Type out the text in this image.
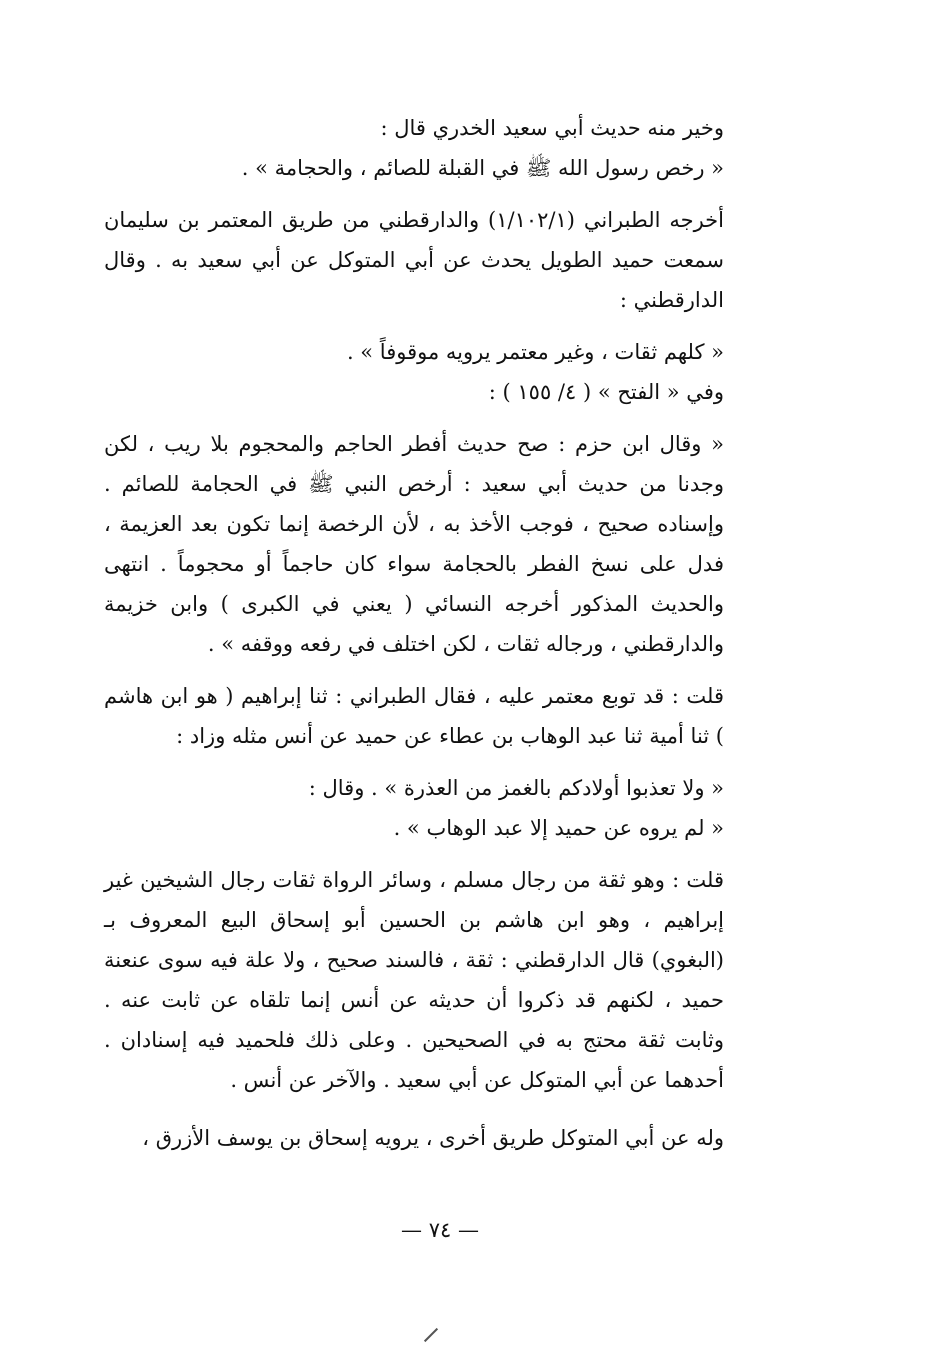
وخير منه حديث أبي سعيد الخدري قال :

« رخص رسول الله ﷺ في القبلة للصائم ، والحجامة » .

أخرجه الطبراني (١/١٠٢/١) والدارقطني من طريق المعتمر بن سليمان سمعت حميد الطويل يحدث عن أبي المتوكل عن أبي سعيد به . وقال الدارقطني :

« كلهم ثقات ، وغير معتمر يرويه موقوفاً » .

وفي « الفتح » ( ٤/ ١٥٥ ) :

« وقال ابن حزم : صح حديث أفطر الحاجم والمحجوم بلا ريب ، لكن وجدنا من حديث أبي سعيد : أرخص النبي ﷺ في الحجامة للصائم . وإسناده صحيح ، فوجب الأخذ به ، لأن الرخصة إنما تكون بعد العزيمة ، فدل على نسخ الفطر بالحجامة سواء كان حاجماً أو محجوماً . انتهى والحديث المذكور أخرجه النسائي ( يعني في الكبرى ) وابن خزيمة والدارقطني ، ورجاله ثقات ، لكن اختلف في رفعه ووقفه » .

قلت : قد توبع معتمر عليه ، فقال الطبراني : ثنا إبراهيم ( هو ابن هاشم ) ثنا أمية ثنا عبد الوهاب بن عطاء عن حميد عن أنس مثله وزاد :

« ولا تعذبوا أولادكم بالغمز من العذرة » . وقال :

« لم يروه عن حميد إلا عبد الوهاب » .

قلت : وهو ثقة من رجال مسلم ، وسائر الرواة ثقات رجال الشيخين غير إبراهيم ، وهو ابن هاشم بن الحسين أبو إسحاق البيع المعروف بـ (البغوي) قال الدارقطني : ثقة ، فالسند صحيح ، ولا علة فيه سوى عنعنة حميد ، لكنهم قد ذكروا أن حديثه عن أنس إنما تلقاه عن ثابت عنه . وثابت ثقة محتج به في الصحيحين . وعلى ذلك فلحميد فيه إسنادان . أحدهما عن أبي المتوكل عن أبي سعيد . والآخر عن أنس .

وله عن أبي المتوكل طريق أخرى ، يرويه إسحاق بن يوسف الأزرق ،

— ٧٤ —
